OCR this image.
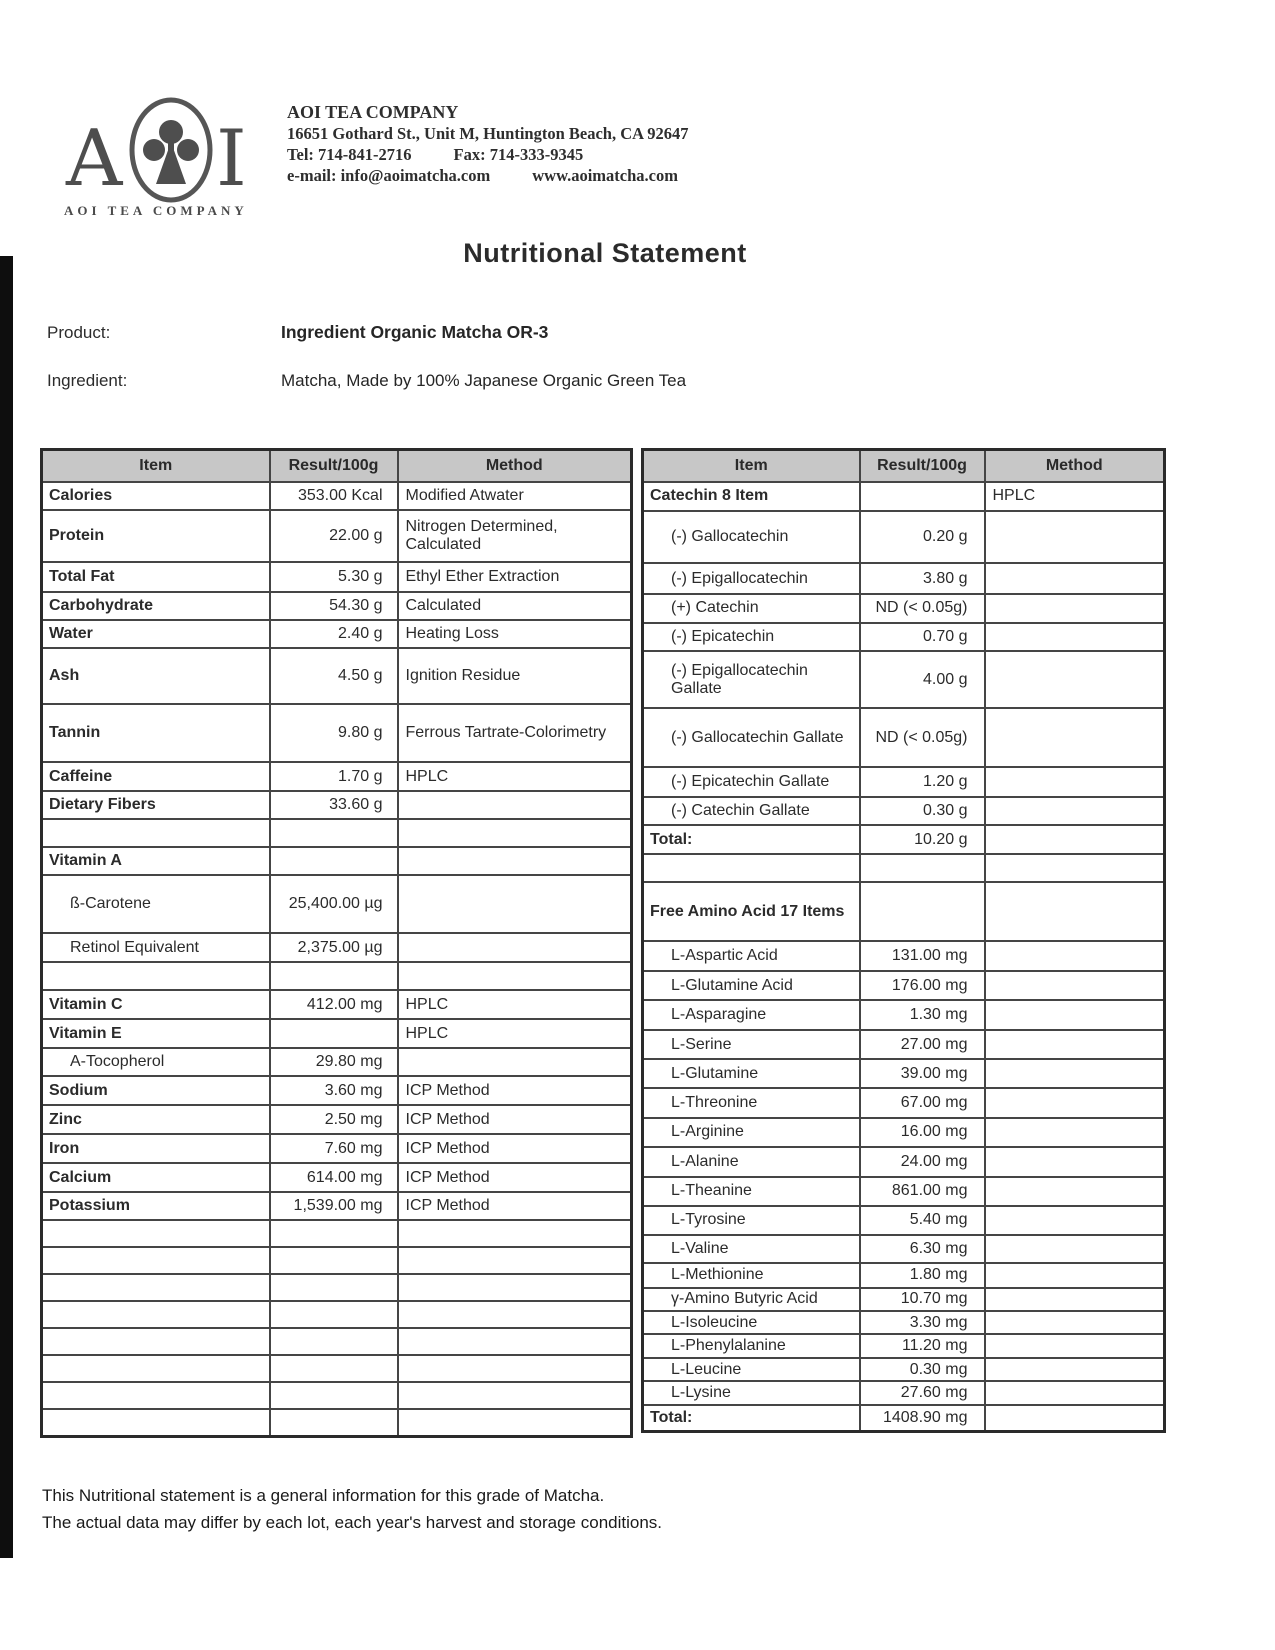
A I
AOI TEA COMPANY
AOI TEA COMPANY
16651 Gothard St., Unit M, Huntington Beach, CA 92647
Tel: 714-841-2716	Fax: 714-333-9345
e-mail: info@aoimatcha.com	www.aoimatcha.com
Nutritional Statement
Product:	Ingredient Organic Matcha OR-3
Ingredient:	Matcha, Made by 100% Japanese Organic Green Tea
Item	Result/100g	Method
Calories	353.00 Kcal	Modified Atwater
Protein	22.00 g	Nitrogen Determined, Calculated
Total Fat	5.30 g	Ethyl Ether Extraction
Carbohydrate	54.30 g	Calculated
Water	2.40 g	Heating Loss
Ash	4.50 g	Ignition Residue
Tannin	9.80 g	Ferrous Tartrate-Colorimetry
Caffeine	1.70 g	HPLC
Dietary Fibers	33.60 g	

Vitamin A		
ß-Carotene	25,400.00 µg	
Retinol Equivalent	2,375.00 µg	

Vitamin C	412.00 mg	HPLC
Vitamin E		HPLC
A-Tocopherol	29.80 mg	
Sodium	3.60 mg	ICP Method
Zinc	2.50 mg	ICP Method
Iron	7.60 mg	ICP Method
Calcium	614.00 mg	ICP Method
Potassium	1,539.00 mg	ICP Method

Item	Result/100g	Method
Catechin 8 Item		HPLC
(-) Gallocatechin	0.20 g	
(-) Epigallocatechin	3.80 g	
(+) Catechin	ND (< 0.05g)	
(-) Epicatechin	0.70 g	
(-) Epigallocatechin Gallate	4.00 g	
(-) Gallocatechin Gallate	ND (< 0.05g)	
(-) Epicatechin Gallate	1.20 g	
(-) Catechin Gallate	0.30 g	
Total:	10.20 g	

Free Amino Acid 17 Items		
L-Aspartic Acid	131.00 mg	
L-Glutamine Acid	176.00 mg	
L-Asparagine	1.30 mg	
L-Serine	27.00 mg	
L-Glutamine	39.00 mg	
L-Threonine	67.00 mg	
L-Arginine	16.00 mg	
L-Alanine	24.00 mg	
L-Theanine	861.00 mg	
L-Tyrosine	5.40 mg	
L-Valine	6.30 mg	
L-Methionine	1.80 mg	
γ-Amino Butyric Acid	10.70 mg	
L-Isoleucine	3.30 mg	
L-Phenylalanine	11.20 mg	
L-Leucine	0.30 mg	
L-Lysine	27.60 mg	
Total:	1408.90 mg	
This Nutritional statement is a general information for this grade of Matcha.
The actual data may differ by each lot, each year's harvest and storage conditions.
